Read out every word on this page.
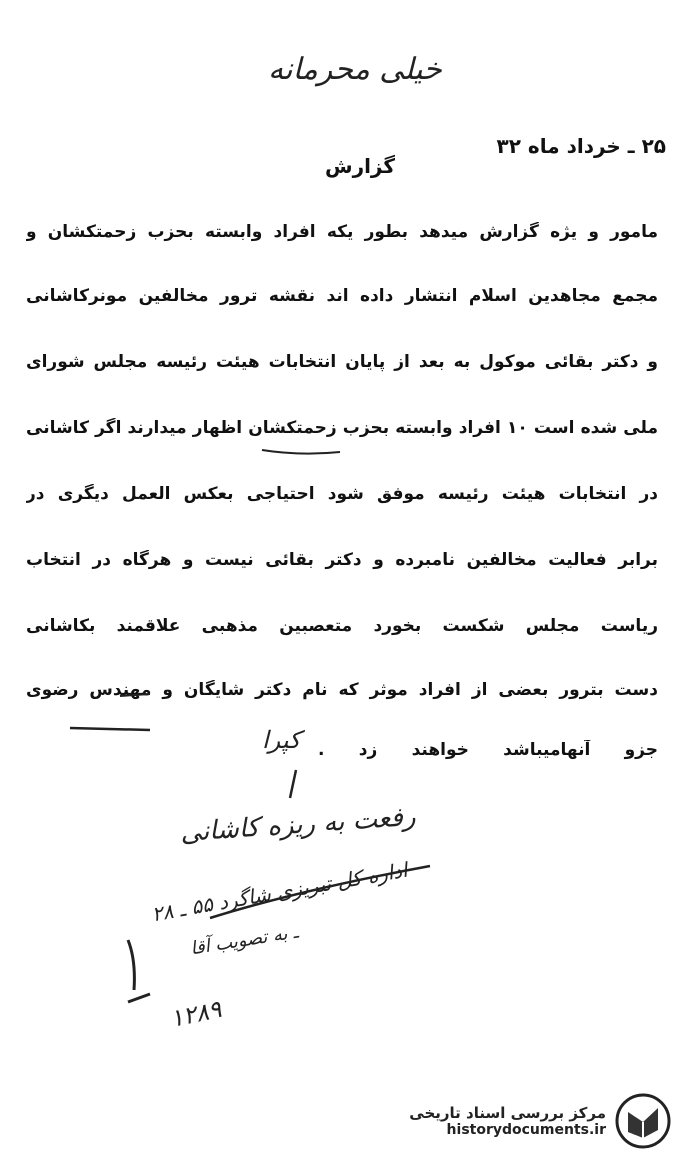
خیلی محرمانه
۲۵ ـ خرداد ماه ۳۲
گزارش
مامور و یژه گزارش میدهد بطور یکه افراد وابسته بحزب زحمتکشان و
مجمع مجاهدین اسلام انتشار داده اند نقشه ترور مخالفین مونرکاشانی
و دکتر بقائی موکول به بعد از پایان انتخابات هیئت رئیسه مجلس شورای
ملی شده است ۱۰ افراد وابسته بحزب زحمتکشان اظهار میدارند اگر کاشانی
در انتخابات هیئت رئیسه موفق شود احتیاجی بعکس العمل دیگری در
برابر فعالیت مخالفین نامبرده و دکتر بقائی نیست و هرگاه در انتخاب
ریاست مجلس شکست بخورد متعصبین مذهبی علاقمند بکاشانی
دست بترور بعضی از افراد موثر که نام دکتر شایگان و مهندس رضوی
جزو آنهامیباشد خواهند زد .
کپرا
رفعت به ریزه کاشانی
اداره کل تبریزی شاگرد ۵۵ ـ ۲۸
ـ به تصویب آقا
۱۲۸۹
مرکز بررسی اسناد تاریخی
historydocuments.ir
